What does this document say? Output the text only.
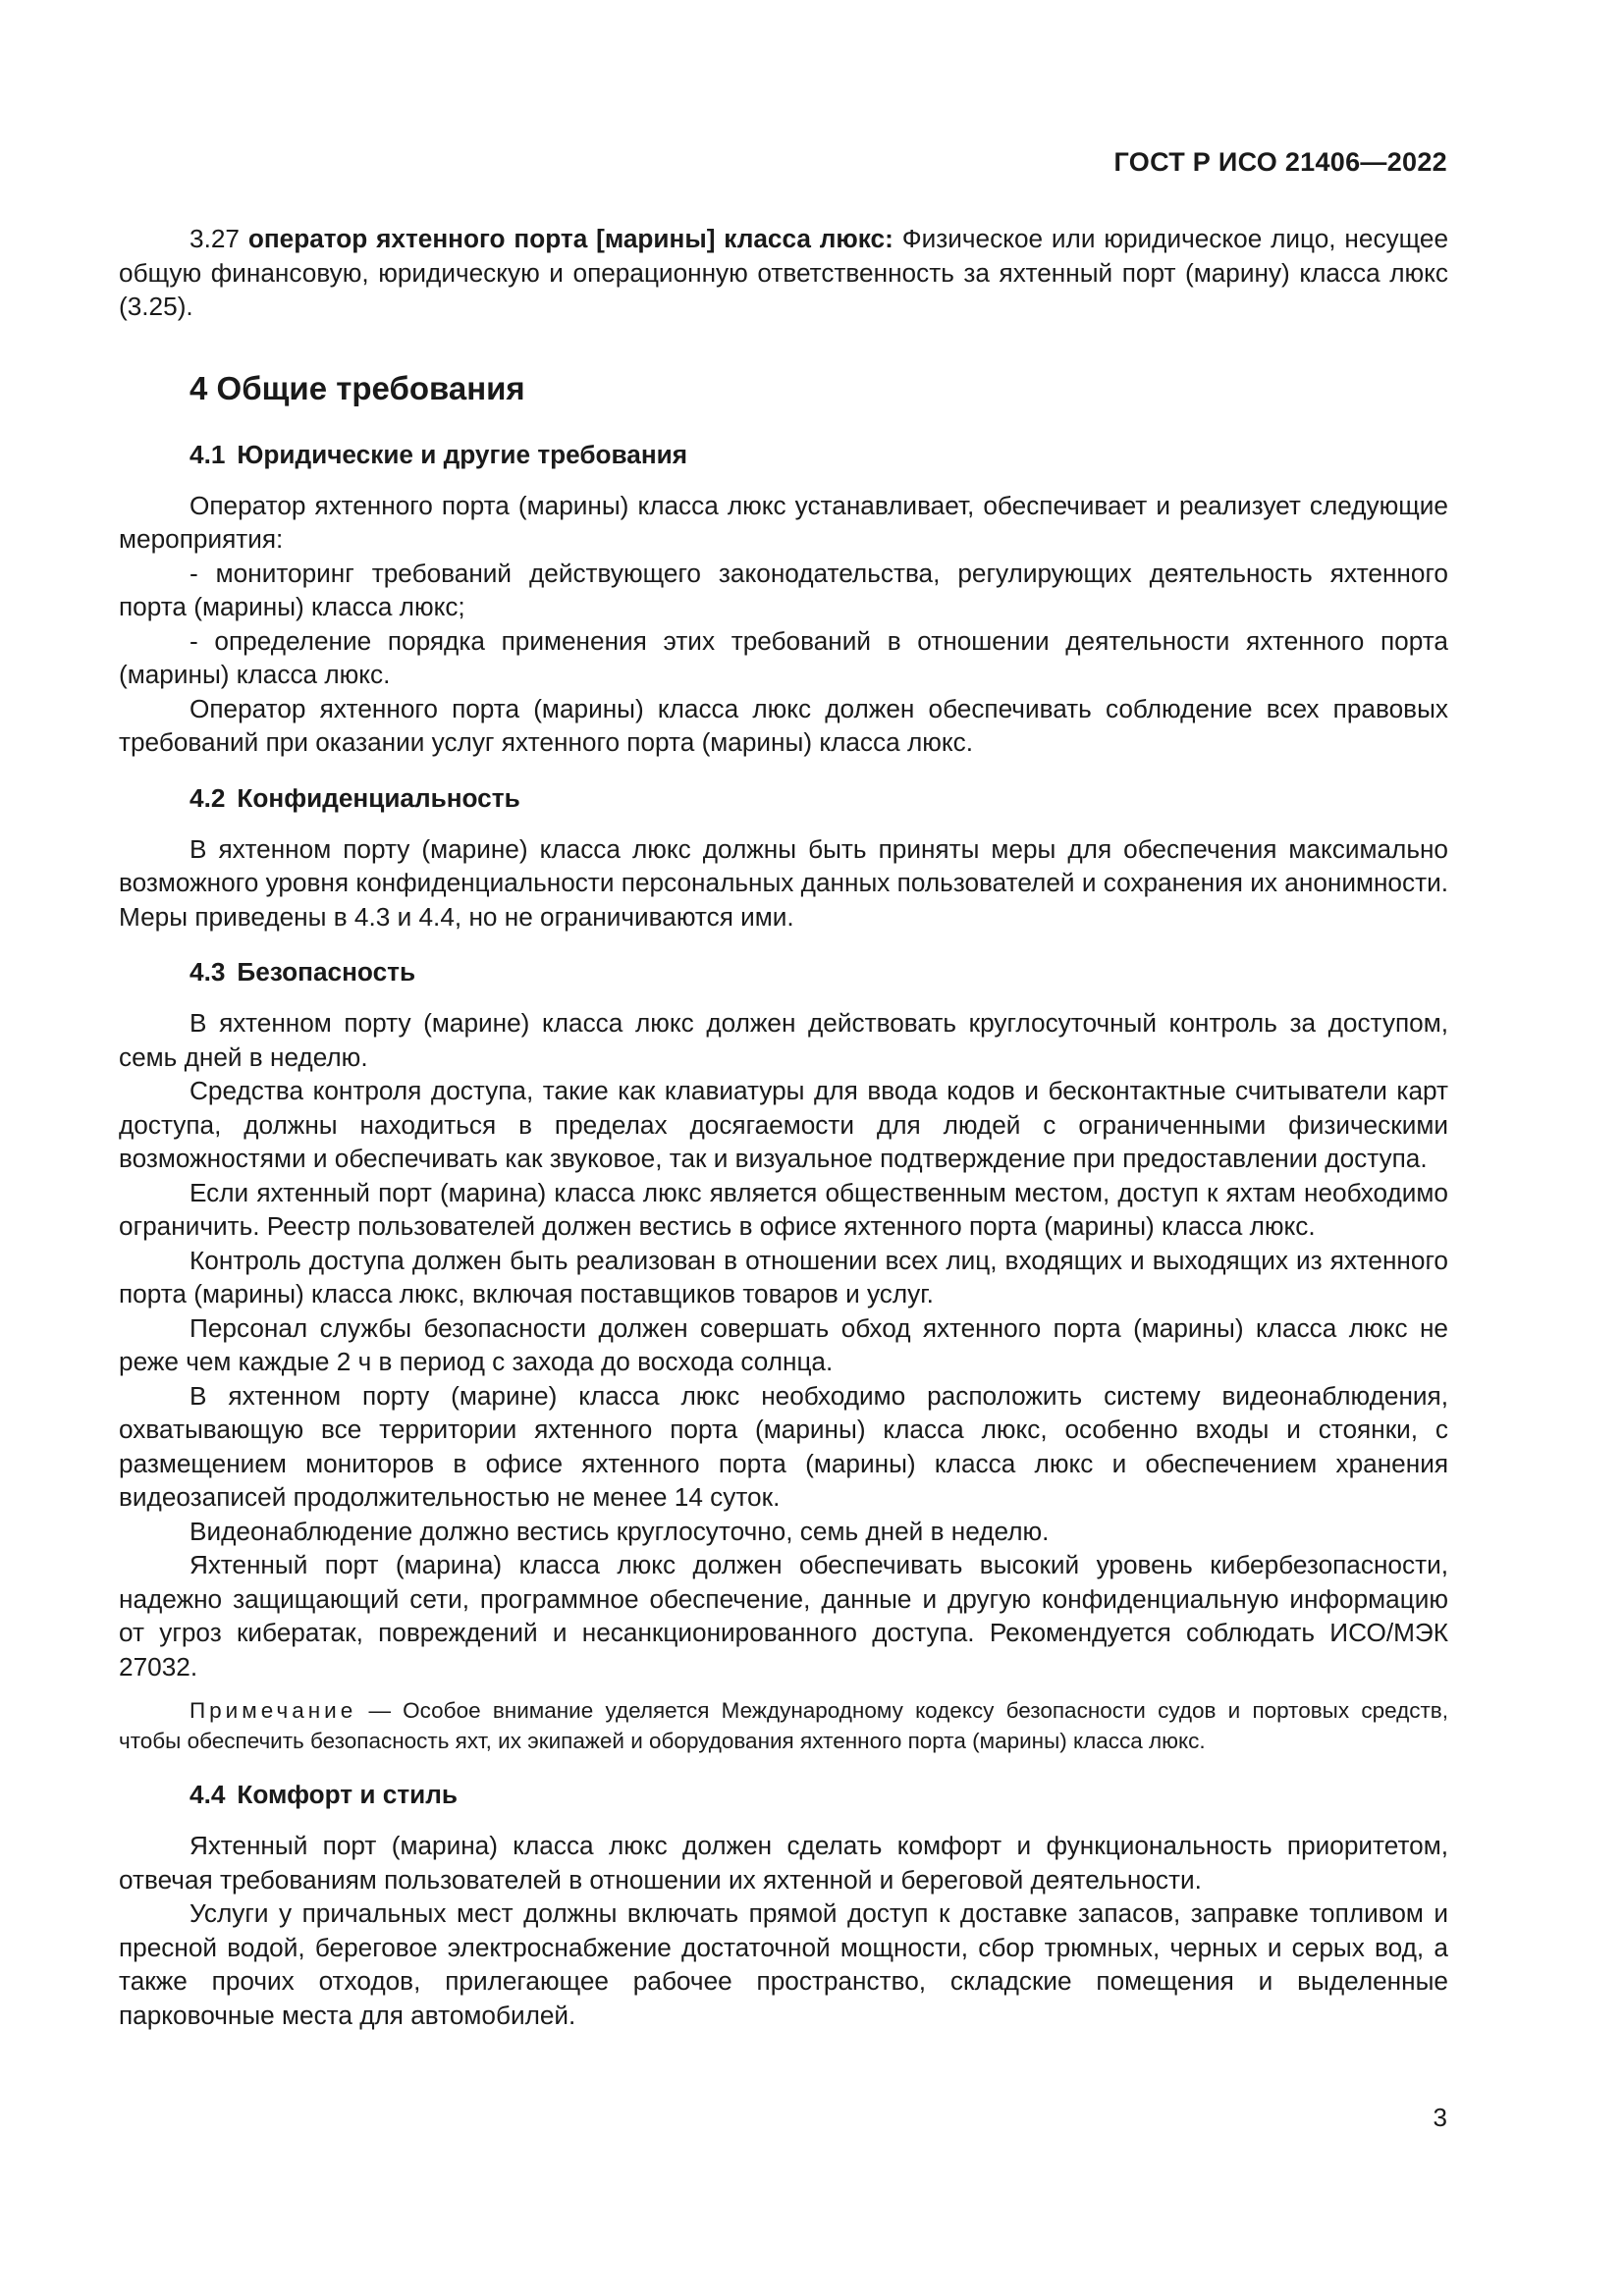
ГОСТ Р ИСО 21406—2022

3.27 оператор яхтенного порта [марины] класса люкс: Физическое или юридическое лицо, несущее общую финансовую, юридическую и операционную ответственность за яхтенный порт (марину) класса люкс (3.25).

4 Общие требования
4.1 Юридические и другие требования

Оператор яхтенного порта (марины) класса люкс устанавливает, обеспечивает и реализует следующие мероприятия:

- мониторинг требований действующего законодательства, регулирующих деятельность яхтенного порта (марины) класса люкс;

- определение порядка применения этих требований в отношении деятельности яхтенного порта (марины) класса люкс.

Оператор яхтенного порта (марины) класса люкс должен обеспечивать соблюдение всех правовых требований при оказании услуг яхтенного порта (марины) класса люкс.

4.2 Конфиденциальность

В яхтенном порту (марине) класса люкс должны быть приняты меры для обеспечения максимально возможного уровня конфиденциальности персональных данных пользователей и сохранения их анонимности. Меры приведены в 4.3 и 4.4, но не ограничиваются ими.

4.3 Безопасность

В яхтенном порту (марине) класса люкс должен действовать круглосуточный контроль за доступом, семь дней в неделю.

Средства контроля доступа, такие как клавиатуры для ввода кодов и бесконтактные считыватели карт доступа, должны находиться в пределах досягаемости для людей с ограниченными физическими возможностями и обеспечивать как звуковое, так и визуальное подтверждение при предоставлении доступа.

Если яхтенный порт (марина) класса люкс является общественным местом, доступ к яхтам необходимо ограничить. Реестр пользователей должен вестись в офисе яхтенного порта (марины) класса люкс.

Контроль доступа должен быть реализован в отношении всех лиц, входящих и выходящих из яхтенного порта (марины) класса люкс, включая поставщиков товаров и услуг.

Персонал службы безопасности должен совершать обход яхтенного порта (марины) класса люкс не реже чем каждые 2 ч в период с захода до восхода солнца.

В яхтенном порту (марине) класса люкс необходимо расположить систему видеонаблюдения, охватывающую все территории яхтенного порта (марины) класса люкс, особенно входы и стоянки, с размещением мониторов в офисе яхтенного порта (марины) класса люкс и обеспечением хранения видеозаписей продолжительностью не менее 14 суток.

Видеонаблюдение должно вестись круглосуточно, семь дней в неделю.

Яхтенный порт (марина) класса люкс должен обеспечивать высокий уровень кибербезопасности, надежно защищающий сети, программное обеспечение, данные и другую конфиденциальную информацию от угроз кибератак, повреждений и несанкционированного доступа. Рекомендуется соблюдать ИСО/МЭК 27032.

Примечание — Особое внимание уделяется Международному кодексу безопасности судов и портовых средств, чтобы обеспечить безопасность яхт, их экипажей и оборудования яхтенного порта (марины) класса люкс.

4.4 Комфорт и стиль

Яхтенный порт (марина) класса люкс должен сделать комфорт и функциональность приоритетом, отвечая требованиям пользователей в отношении их яхтенной и береговой деятельности.

Услуги у причальных мест должны включать прямой доступ к доставке запасов, заправке топливом и пресной водой, береговое электроснабжение достаточной мощности, сбор трюмных, черных и серых вод, а также прочих отходов, прилегающее рабочее пространство, складские помещения и выделенные парковочные места для автомобилей.

3
